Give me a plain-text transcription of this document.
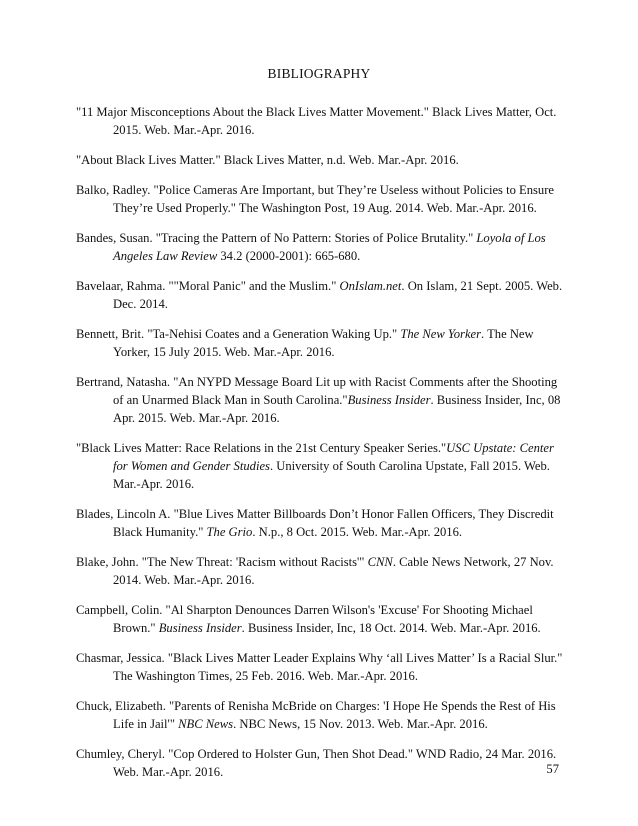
BIBLIOGRAPHY

"11 Major Misconceptions About the Black Lives Matter Movement." Black Lives Matter, Oct. 2015. Web. Mar.-Apr. 2016.

"About Black Lives Matter." Black Lives Matter, n.d. Web. Mar.-Apr. 2016.

Balko, Radley. "Police Cameras Are Important, but They’re Useless without Policies to Ensure They’re Used Properly." The Washington Post, 19 Aug. 2014. Web. Mar.-Apr. 2016.

Bandes, Susan. "Tracing the Pattern of No Pattern: Stories of Police Brutality." Loyola of Los Angeles Law Review 34.2 (2000-2001): 665-680.

Bavelaar, Rahma. ""Moral Panic" and the Muslim." OnIslam.net. On Islam, 21 Sept. 2005. Web. Dec. 2014.

Bennett, Brit. "Ta-Nehisi Coates and a Generation Waking Up." The New Yorker. The New Yorker, 15 July 2015. Web. Mar.-Apr. 2016.

Bertrand, Natasha. "An NYPD Message Board Lit up with Racist Comments after the Shooting of an Unarmed Black Man in South Carolina."Business Insider. Business Insider, Inc, 08 Apr. 2015. Web. Mar.-Apr. 2016.

"Black Lives Matter: Race Relations in the 21st Century Speaker Series."USC Upstate: Center for Women and Gender Studies. University of South Carolina Upstate, Fall 2015. Web. Mar.-Apr. 2016.

Blades, Lincoln A. "Blue Lives Matter Billboards Don’t Honor Fallen Officers, They Discredit Black Humanity." The Grio. N.p., 8 Oct. 2015. Web. Mar.-Apr. 2016.

Blake, John. "The New Threat: 'Racism without Racists'" CNN. Cable News Network, 27 Nov. 2014. Web. Mar.-Apr. 2016.

Campbell, Colin. "Al Sharpton Denounces Darren Wilson's 'Excuse' For Shooting Michael Brown." Business Insider. Business Insider, Inc, 18 Oct. 2014. Web. Mar.-Apr. 2016.

Chasmar, Jessica. "Black Lives Matter Leader Explains Why ‘all Lives Matter’ Is a Racial Slur." The Washington Times, 25 Feb. 2016. Web. Mar.-Apr. 2016.

Chuck, Elizabeth. "Parents of Renisha McBride on Charges: 'I Hope He Spends the Rest of His Life in Jail'" NBC News. NBC News, 15 Nov. 2013. Web. Mar.-Apr. 2016.

Chumley, Cheryl. "Cop Ordered to Holster Gun, Then Shot Dead." WND Radio, 24 Mar. 2016. Web. Mar.-Apr. 2016.	57
